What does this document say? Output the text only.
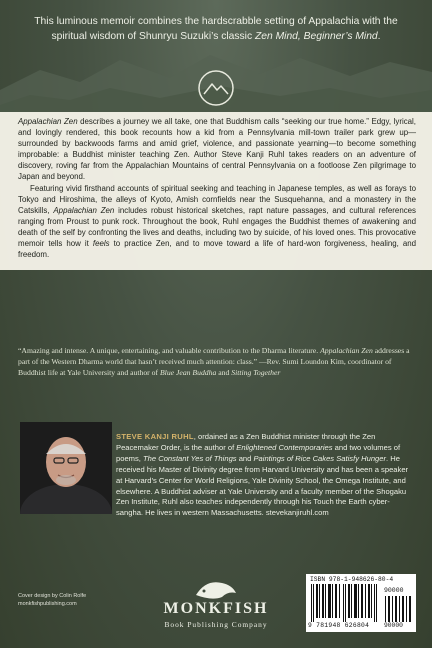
This luminous memoir combines the hardscrabble setting of Appalachia with the spiritual wisdom of Shunryu Suzuki’s classic Zen Mind, Beginner’s Mind.

Appalachian Zen describes a journey we all take, one that Buddhism calls “seeking our true home.” Edgy, lyrical, and lovingly rendered, this book recounts how a kid from a Pennsylvania mill-town trailer park grew up—surrounded by backwoods farms and amid grief, violence, and passionate yearning—to become something improbable: a Buddhist minister teaching Zen. Author Steve Kanji Ruhl takes readers on an adventure of discovery, roving far from the Appalachian Mountains of central Pennsylvania on a footloose Zen pilgrimage to Japan and beyond.

Featuring vivid firsthand accounts of spiritual seeking and teaching in Japanese temples, as well as forays to Tokyo and Hiroshima, the alleys of Kyoto, Amish cornfields near the Susquehanna, and a monastery in the Catskills, Appalachian Zen includes robust historical sketches, rapt nature passages, and cultural references ranging from Proust to punk rock. Throughout the book, Ruhl engages the Buddhist themes of awakening and death of the self by confronting the lives and deaths, including two by suicide, of his loved ones. This provocative memoir tells how it feels to practice Zen, and to move toward a life of hard-won forgiveness, healing, and freedom.

“Amazing and intense. A unique, entertaining, and valuable contribution to the Dharma literature. Appalachian Zen addresses a part of the Western Dharma world that hasn’t received much attention: class.” —Rev. Sumi Loundon Kim, coordinator of Buddhist life at Yale University and author of Blue Jean Buddha and Sitting Together
STEVE KANJI RUHL, ordained as a Zen Buddhist minister through the Zen Peacemaker Order, is the author of Enlightened Contemporaries and two volumes of poems, The Constant Yes of Things and Paintings of Rice Cakes Satisfy Hunger. He received his Master of Divinity degree from Harvard University and has been a speaker at Harvard’s Center for World Religions, Yale Divinity School, the Omega Institute, and elsewhere. A Buddhist adviser at Yale University and a faculty member of the Shogaku Zen Institute, Ruhl also teaches independently through his Touch the Earth cyber-sangha. He lives in western Massachusetts. stevekanjiruhl.com
Cover design by Colin Rolfe
monkfishpublishing.com	MONKFISH
Book Publishing Company
ISBN 978-1-948626-80-4
90000
9 781948 626804 90000
